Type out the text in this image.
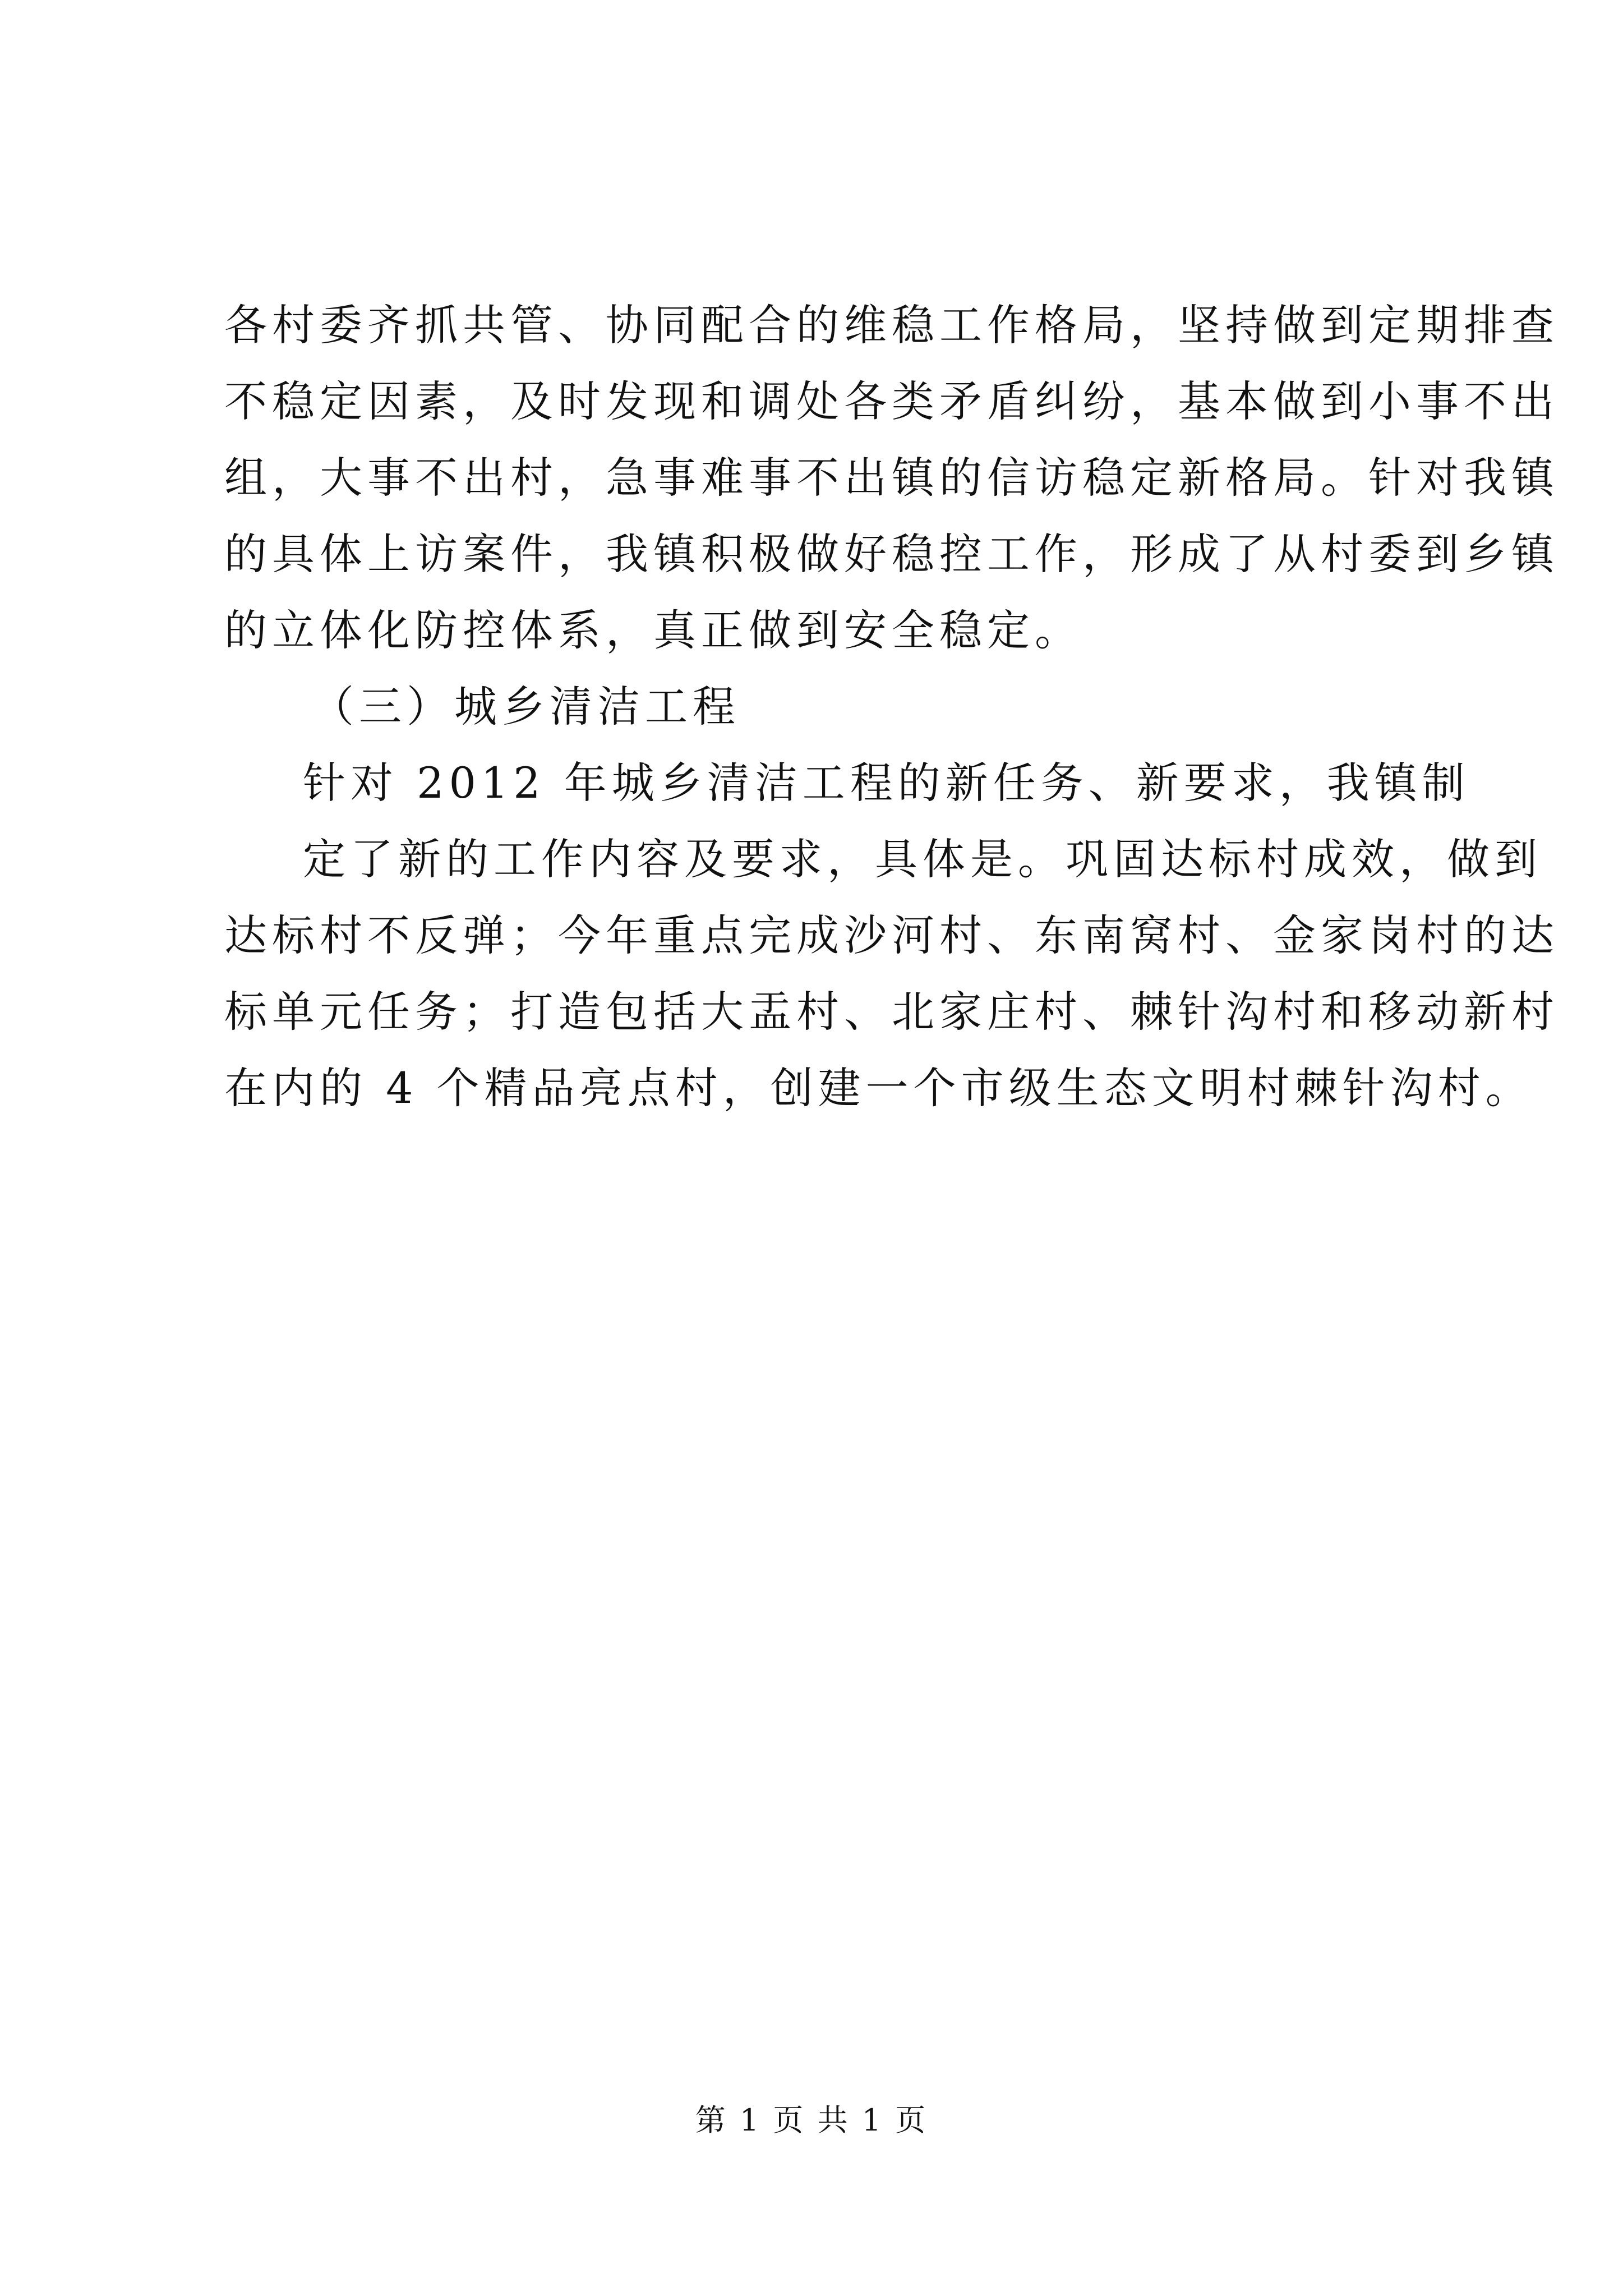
各村委齐抓共管、协同配合的维稳工作格局，坚持做到定期排查
不稳定因素，及时发现和调处各类矛盾纠纷，基本做到小事不出
组，大事不出村，急事难事不出镇的信访稳定新格局。针对我镇
的具体上访案件，我镇积极做好稳控工作，形成了从村委到乡镇
的立体化防控体系，真正做到安全稳定。
（三）城乡清洁工程
针对 2012 年城乡清洁工程的新任务、新要求，我镇制
定了新的工作内容及要求，具体是。巩固达标村成效，做到
达标村不反弹；今年重点完成沙河村、东南窝村、金家岗村的达
标单元任务；打造包括大盂村、北家庄村、棘针沟村和移动新村
在内的 4 个精品亮点村，创建一个市级生态文明村棘针沟村。
第 1 页 共 1 页
